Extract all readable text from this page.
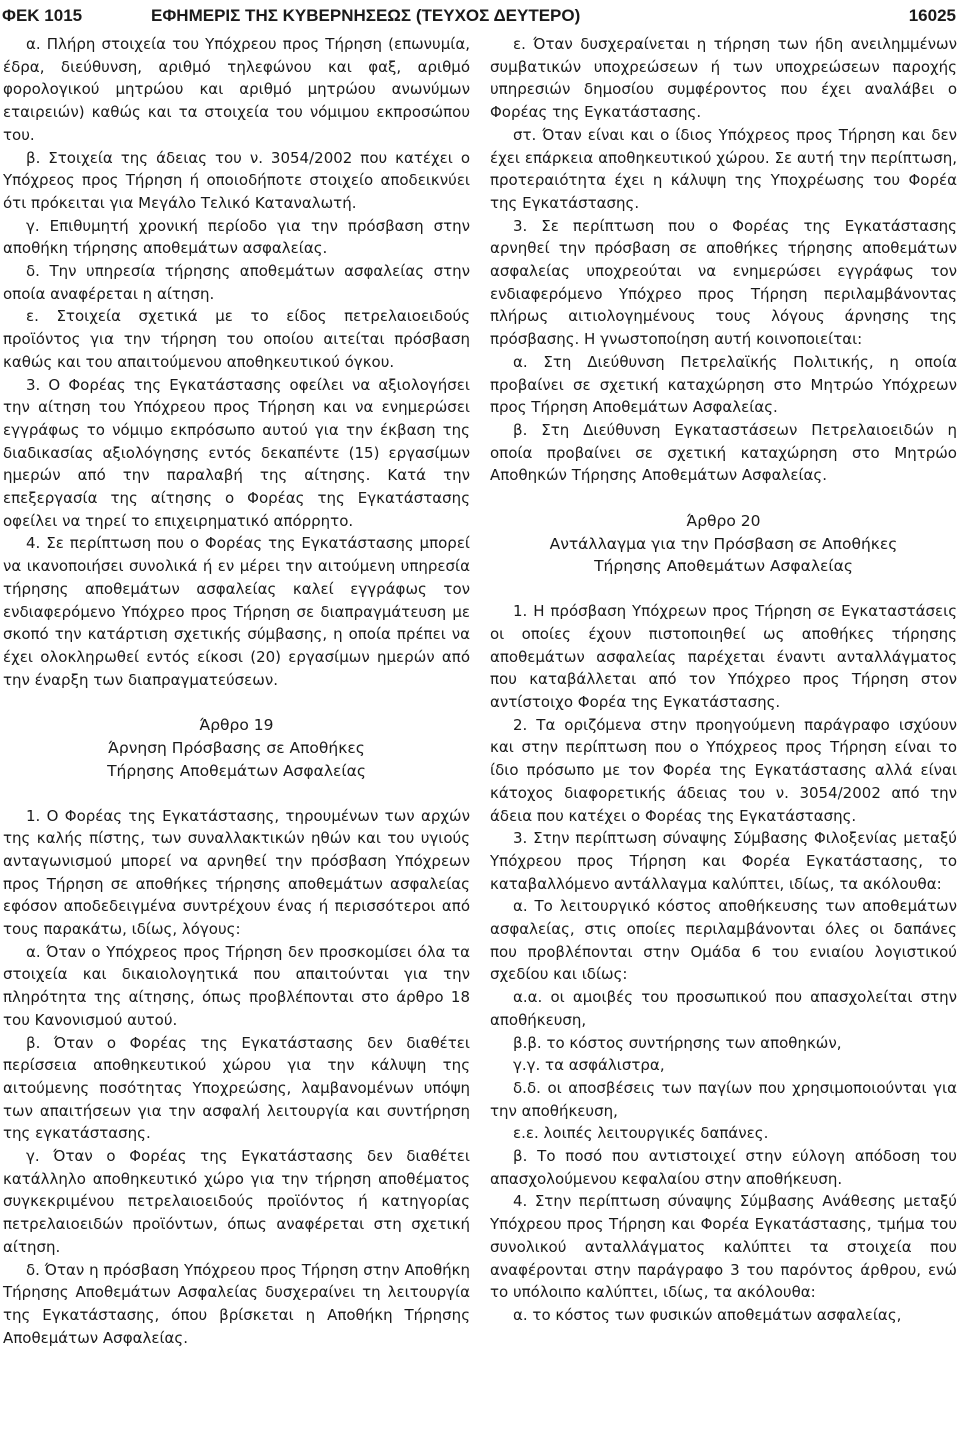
ΦΕΚ 1015	ΕΦΗΜΕΡΙΣ ΤΗΣ ΚΥΒΕΡΝΗΣΕΩΣ (ΤΕΥΧΟΣ ΔΕΥΤΕΡΟ)	16025

α. Πλήρη στοιχεία του Υπόχρεου προς Τήρηση (επωνυμία, έδρα, διεύθυνση, αριθμό τηλεφώνου και φαξ, αριθμό φορολογικού μητρώου και αριθμό μητρώου ανωνύμων εταιρειών) καθώς και τα στοιχεία του νόμιμου εκπροσώπου του.

β. Στοιχεία της άδειας του ν. 3054/2002 που κατέχει ο Υπόχρεος προς Τήρηση ή οποιοδήποτε στοιχείο αποδεικνύει ότι πρόκειται για Μεγάλο Τελικό Καταναλωτή.

γ. Επιθυμητή χρονική περίοδο για την πρόσβαση στην αποθήκη τήρησης αποθεμάτων ασφαλείας.

δ. Την υπηρεσία τήρησης αποθεμάτων ασφαλείας στην οποία αναφέρεται η αίτηση.

ε. Στοιχεία σχετικά με το είδος πετρελαιοειδούς προϊόντος για την τήρηση του οποίου αιτείται πρόσβαση καθώς και του απαιτούμενου αποθηκευτικού όγκου.

3. Ο Φορέας της Εγκατάστασης οφείλει να αξιολογήσει την αίτηση του Υπόχρεου προς Τήρηση και να ενημερώσει εγγράφως το νόμιμο εκπρόσωπο αυτού για την έκβαση της διαδικασίας αξιολόγησης εντός δεκαπέντε (15) εργασίμων ημερών από την παραλαβή της αίτησης. Κατά την επεξεργασία της αίτησης ο Φορέας της Εγκατάστασης οφείλει να τηρεί το επιχειρηματικό απόρρητο.

4. Σε περίπτωση που ο Φορέας της Εγκατάστασης μπορεί να ικανοποιήσει συνολικά ή εν μέρει την αιτούμενη υπηρεσία τήρησης αποθεμάτων ασφαλείας καλεί εγγράφως τον ενδιαφερόμενο Υπόχρεο προς Τήρηση σε διαπραγμάτευση με σκοπό την κατάρτιση σχετικής σύμβασης, η οποία πρέπει να έχει ολοκληρωθεί εντός είκοσι (20) εργασίμων ημερών από την έναρξη των διαπραγματεύσεων.

Άρθρο 19
Άρνηση Πρόσβασης σε Αποθήκες
Τήρησης Αποθεμάτων Ασφαλείας

1. Ο Φορέας της Εγκατάστασης, τηρουμένων των αρχών της καλής πίστης, των συναλλακτικών ηθών και του υγιούς ανταγωνισμού μπορεί να αρνηθεί την πρόσβαση Υπόχρεων προς Τήρηση σε αποθήκες τήρησης αποθεμάτων ασφαλείας εφόσον αποδεδειγμένα συντρέχουν ένας ή περισσότεροι από τους παρακάτω, ιδίως, λόγους:

α. Όταν ο Υπόχρεος προς Τήρηση δεν προσκομίσει όλα τα στοιχεία και δικαιολογητικά που απαιτούνται για την πληρότητα της αίτησης, όπως προβλέπονται στο άρθρο 18 του Κανονισμού αυτού.

β. Όταν ο Φορέας της Εγκατάστασης δεν διαθέτει περίσσεια αποθηκευτικού χώρου για την κάλυψη της αιτούμενης ποσότητας Υποχρεώσης, λαμβανομένων υπόψη των απαιτήσεων για την ασφαλή λειτουργία και συντήρηση της εγκατάστασης.

γ. Όταν ο Φορέας της Εγκατάστασης δεν διαθέτει κατάλληλο αποθηκευτικό χώρο για την τήρηση αποθέματος συγκεκριμένου πετρελαιοειδούς προϊόντος ή κατηγορίας πετρελαιοειδών προϊόντων, όπως αναφέρεται στη σχετική αίτηση.

δ. Όταν η πρόσβαση Υπόχρεου προς Τήρηση στην Αποθήκη Τήρησης Αποθεμάτων Ασφαλείας δυσχεραίνει τη λειτουργία της Εγκατάστασης, όπου βρίσκεται η Αποθήκη Τήρησης Αποθεμάτων Ασφαλείας.

ε. Όταν δυσχεραίνεται η τήρηση των ήδη ανειλημμένων συμβατικών υποχρεώσεων ή των υποχρεώσεων παροχής υπηρεσιών δημοσίου συμφέροντος που έχει αναλάβει ο Φορέας της Εγκατάστασης.

στ. Όταν είναι και ο ίδιος Υπόχρεος προς Τήρηση και δεν έχει επάρκεια αποθηκευτικού χώρου. Σε αυτή την περίπτωση, προτεραιότητα έχει η κάλυψη της Υποχρέωσης του Φορέα της Εγκατάστασης.

3. Σε περίπτωση που ο Φορέας της Εγκατάστασης αρνηθεί την πρόσβαση σε αποθήκες τήρησης αποθεμάτων ασφαλείας υποχρεούται να ενημερώσει εγγράφως τον ενδιαφερόμενο Υπόχρεο προς Τήρηση περιλαμβάνοντας πλήρως αιτιολογημένους τους λόγους άρνησης της πρόσβασης. Η γνωστοποίηση αυτή κοινοποιείται:

α. Στη Διεύθυνση Πετρελαϊκής Πολιτικής, η οποία προβαίνει σε σχετική καταχώρηση στο Μητρώο Υπόχρεων προς Τήρηση Αποθεμάτων Ασφαλείας.

β. Στη Διεύθυνση Εγκαταστάσεων Πετρελαιοειδών η οποία προβαίνει σε σχετική καταχώρηση στο Μητρώο Αποθηκών Τήρησης Αποθεμάτων Ασφαλείας.

Άρθρο 20
Αντάλλαγμα για την Πρόσβαση σε Αποθήκες
Τήρησης Αποθεμάτων Ασφαλείας

1. Η πρόσβαση Υπόχρεων προς Τήρηση σε Εγκαταστάσεις οι οποίες έχουν πιστοποιηθεί ως αποθήκες τήρησης αποθεμάτων ασφαλείας παρέχεται έναντι ανταλλάγματος που καταβάλλεται από τον Υπόχρεο προς Τήρηση στον αντίστοιχο Φορέα της Εγκατάστασης.

2. Τα οριζόμενα στην προηγούμενη παράγραφο ισχύουν και στην περίπτωση που ο Υπόχρεος προς Τήρηση είναι το ίδιο πρόσωπο με τον Φορέα της Εγκατάστασης αλλά είναι κάτοχος διαφορετικής άδειας του ν. 3054/2002 από την άδεια που κατέχει ο Φορέας της Εγκατάστασης.

3. Στην περίπτωση σύναψης Σύμβασης Φιλοξενίας μεταξύ Υπόχρεου προς Τήρηση και Φορέα Εγκατάστασης, το καταβαλλόμενο αντάλλαγμα καλύπτει, ιδίως, τα ακόλουθα:

α. Το λειτουργικό κόστος αποθήκευσης των αποθεμάτων ασφαλείας, στις οποίες περιλαμβάνονται όλες οι δαπάνες που προβλέπονται στην Ομάδα 6 του ενιαίου λογιστικού σχεδίου και ιδίως:

α.α. οι αμοιβές του προσωπικού που απασχολείται στην αποθήκευση,

β.β. το κόστος συντήρησης των αποθηκών,

γ.γ. τα ασφάλιστρα,

δ.δ. οι αποσβέσεις των παγίων που χρησιμοποιούνται για την αποθήκευση,

ε.ε. λοιπές λειτουργικές δαπάνες.

β. Το ποσό που αντιστοιχεί στην εύλογη απόδοση του απασχολούμενου κεφαλαίου στην αποθήκευση.

4. Στην περίπτωση σύναψης Σύμβασης Ανάθεσης μεταξύ Υπόχρεου προς Τήρηση και Φορέα Εγκατάστασης, τμήμα του συνολικού ανταλλάγματος καλύπτει τα στοιχεία που αναφέρονται στην παράγραφο 3 του παρόντος άρθρου, ενώ το υπόλοιπο καλύπτει, ιδίως, τα ακόλουθα:

α. το κόστος των φυσικών αποθεμάτων ασφαλείας,
